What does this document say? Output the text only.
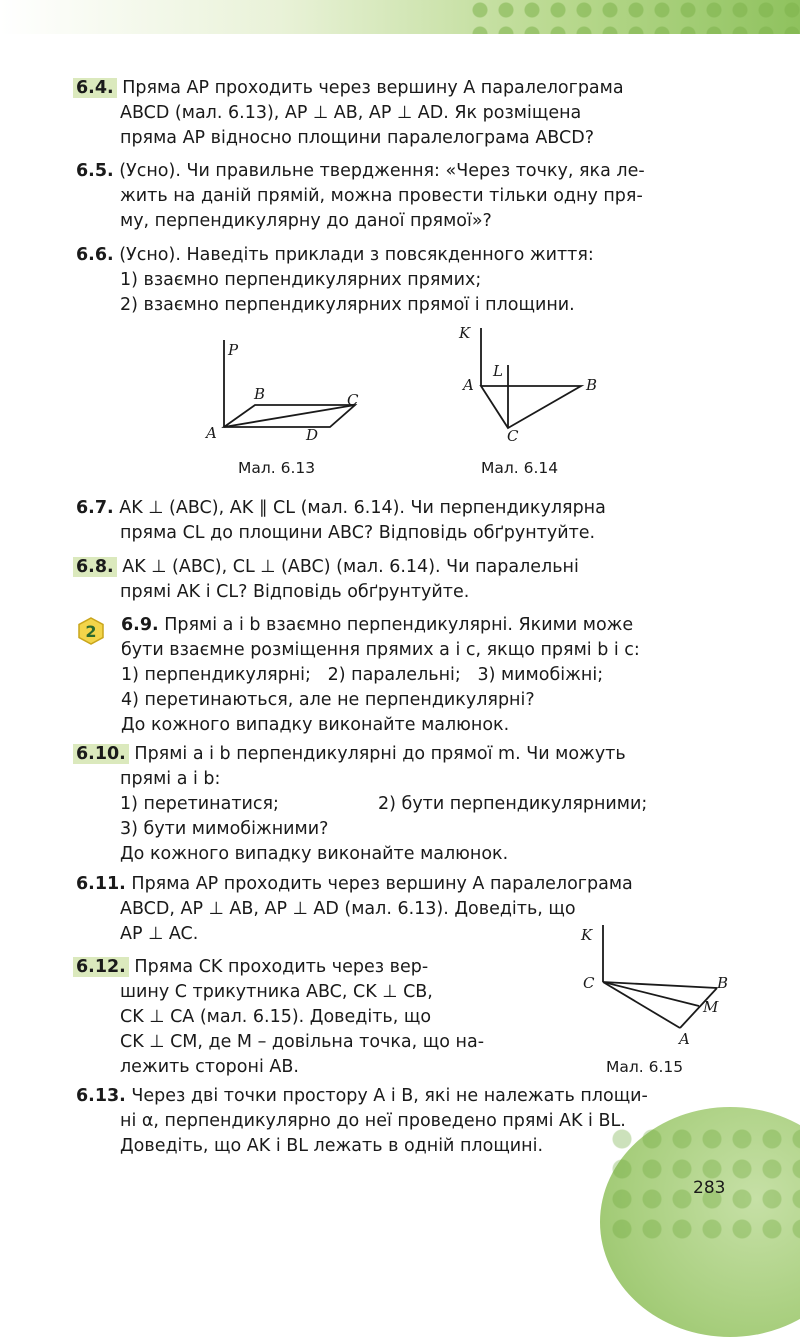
6.4. Пряма AP проходить через вершину A паралелограма
ABCD (мал. 6.13), AP ⊥ AB, AP ⊥ AD. Як розміщена
пряма AP відносно площини паралелограма ABCD?
6.5. (Усно). Чи правильне твердження: «Через точку, яка ле-
жить на даній прямій, можна провести тільки одну пря-
му, перпендикулярну до даної прямої»?
6.6. (Усно). Наведіть приклади з повсякденного життя:
1) взаємно перпендикулярних прямих;
2) взаємно перпендикулярних прямої і площини.
P
B	C
A	D
Мал. 6.13
K
L
A	B
C
Мал. 6.14
6.7. AK ⊥ (ABC), AK ∥ CL (мал. 6.14). Чи перпендикулярна
пряма CL до площини ABC? Відповідь обґрунтуйте.
6.8. AK ⊥ (ABC), CL ⊥ (ABC) (мал. 6.14). Чи паралельні
прямі AK і CL? Відповідь обґрунтуйте.
2 6.9. Прямі a і b взаємно перпендикулярні. Якими може
бути взаємне розміщення прямих a і c, якщо прямі b і c:
1) перпендикулярні;   2) паралельні;   3) мимобіжні;
4) перетинаються, але не перпендикулярні?
До кожного випадку виконайте малюнок.
6.10. Прямі a і b перпендикулярні до прямої m. Чи можуть
прямі a і b:
1) перетинатися;	2) бути перпендикулярними;
3) бути мимобіжними?
До кожного випадку виконайте малюнок.
6.11. Пряма AP проходить через вершину A паралелограма
ABCD, AP ⊥ AB, AP ⊥ AD (мал. 6.13). Доведіть, що
AP ⊥ AC.
6.12. Пряма CK проходить через вер-
шину C трикутника ABC, CK ⊥ CB,
CK ⊥ CA (мал. 6.15). Доведіть, що
CK ⊥ CM, де M – довільна точка, що на-
лежить стороні AB.
K
C	B
M
A
Мал. 6.15
6.13. Через дві точки простору A і B, які не належать площи-
ні α, перпендикулярно до неї проведено прямі AK і BL.
Доведіть, що AK і BL лежать в одній площині.
283
